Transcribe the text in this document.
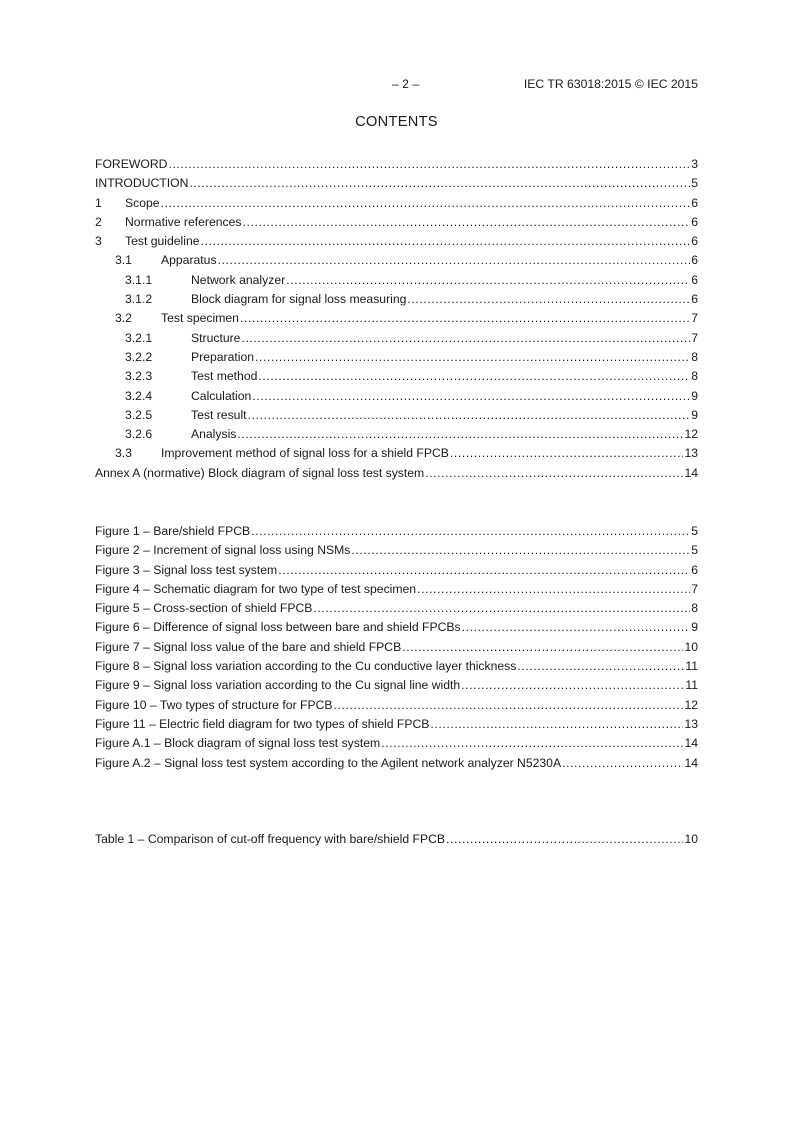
– 2 –	IEC TR 63018:2015 © IEC 2015
CONTENTS
FOREWORD .....	3
INTRODUCTION .....	5
1	Scope .....	6
2	Normative references .....	6
3	Test guideline .....	6
3.1	Apparatus .....	6
3.1.1	Network analyzer .....	6
3.1.2	Block diagram for signal loss measuring .....	6
3.2	Test specimen .....	7
3.2.1	Structure .....	7
3.2.2	Preparation .....	8
3.2.3	Test method .....	8
3.2.4	Calculation .....	9
3.2.5	Test result .....	9
3.2.6	Analysis .....	12
3.3	Improvement method of signal loss for a shield FPCB .....	13
Annex A (normative) Block diagram of signal loss test system .....	14
Figure 1 – Bare/shield FPCB .....	5
Figure 2 – Increment of signal loss using NSMs .....	5
Figure 3 – Signal loss test system .....	6
Figure 4 – Schematic diagram for two type of test specimen .....	7
Figure 5 – Cross-section of shield FPCB .....	8
Figure 6 – Difference of signal loss between bare and shield FPCBs .....	9
Figure 7 – Signal loss value of the bare and shield FPCB .....	10
Figure 8 – Signal loss variation according to the Cu conductive layer thickness .....	11
Figure 9 – Signal loss variation according to the Cu signal line width .....	11
Figure 10 – Two types of structure for FPCB .....	12
Figure 11 – Electric field diagram for two types of shield FPCB .....	13
Figure A.1 – Block diagram of signal loss test system .....	14
Figure A.2 – Signal loss test system according to the Agilent network analyzer N5230A .....	14
Table 1 – Comparison of cut-off frequency with bare/shield FPCB .....	10
